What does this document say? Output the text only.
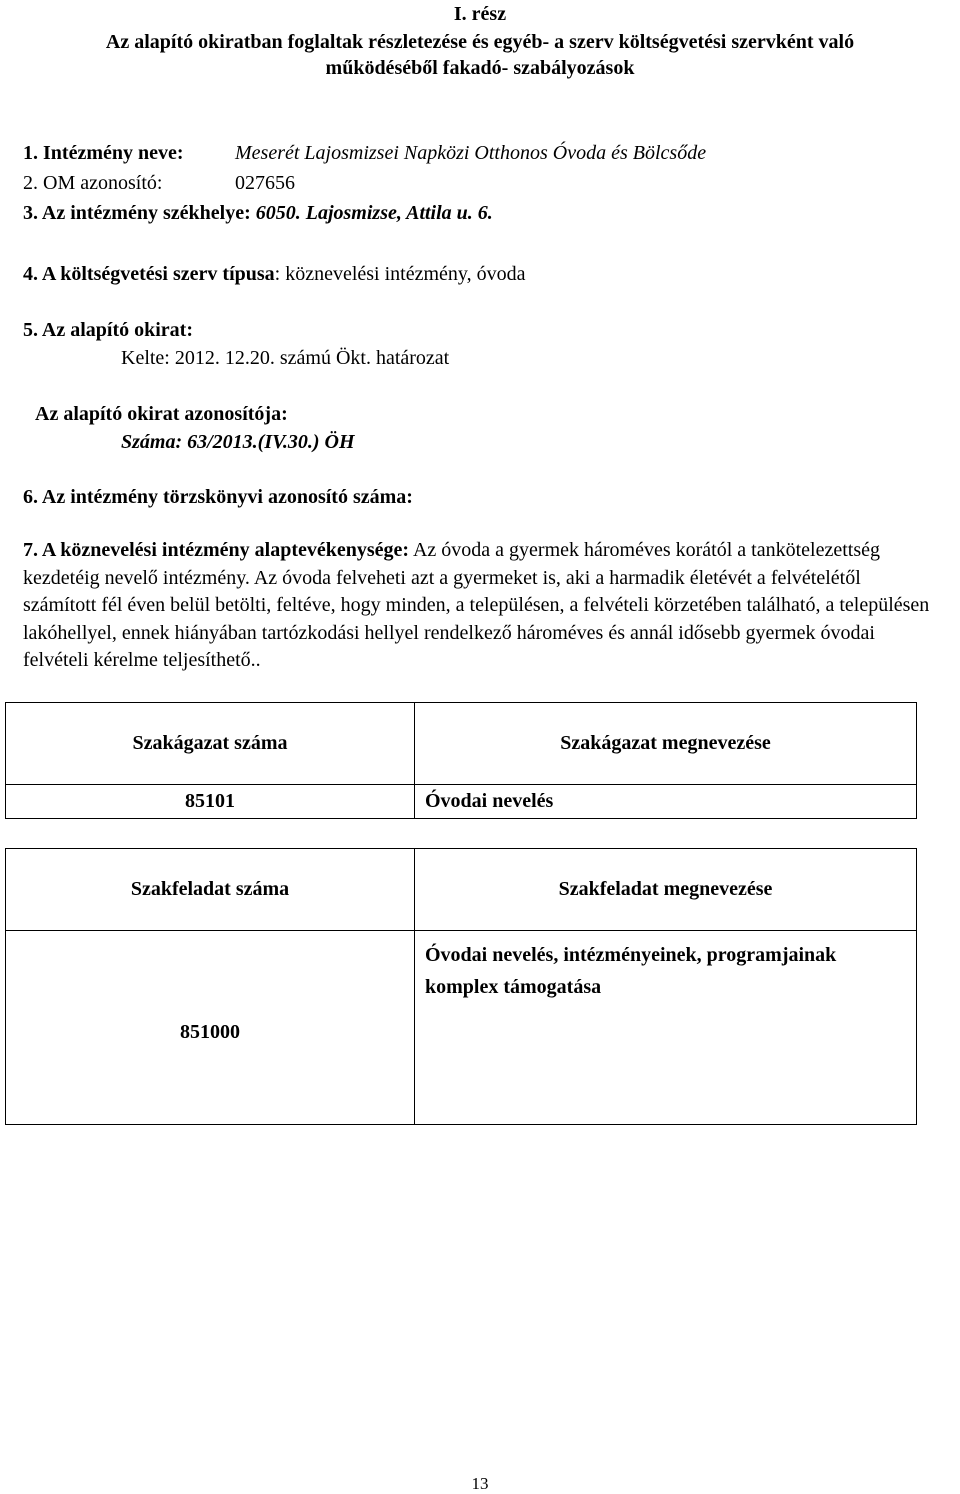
I. rész
Az alapító okiratban foglaltak részletezése és egyéb- a szerv költségvetési szervként való
működéséből fakadó- szabályozások
1. Intézmény neve:	Meserét Lajosmizsei Napközi Otthonos Óvoda és Bölcsőde
2. OM azonosító:	027656
3. Az intézmény székhelye: 6050. Lajosmizse, Attila u. 6.
4. A költségvetési szerv típusa: köznevelési intézmény, óvoda
5. Az alapító okirat:
Kelte: 2012. 12.20. számú Ökt. határozat
Az alapító okirat azonosítója:
Száma: 63/2013.(IV.30.) ÖH
6. Az intézmény törzskönyvi azonosító száma:
7. A köznevelési intézmény alaptevékenysége: Az óvoda a gyermek hároméves korától a tankötelezettség kezdetéig nevelő intézmény. Az óvoda felveheti azt a gyermeket is, aki a harmadik életévét a felvételétől számított fél éven belül betölti, feltéve, hogy minden, a településen, a felvételi körzetében található, a településen lakóhellyel, ennek hiányában tartózkodási hellyel rendelkező hároméves és annál idősebb gyermek óvodai felvételi kérelme teljesíthető..
Szakágazat száma	Szakágazat megnevezése
85101	Óvodai nevelés
Szakfeladat száma	Szakfeladat megnevezése
851000	Óvodai nevelés, intézményeinek, programjainak komplex támogatása
13
